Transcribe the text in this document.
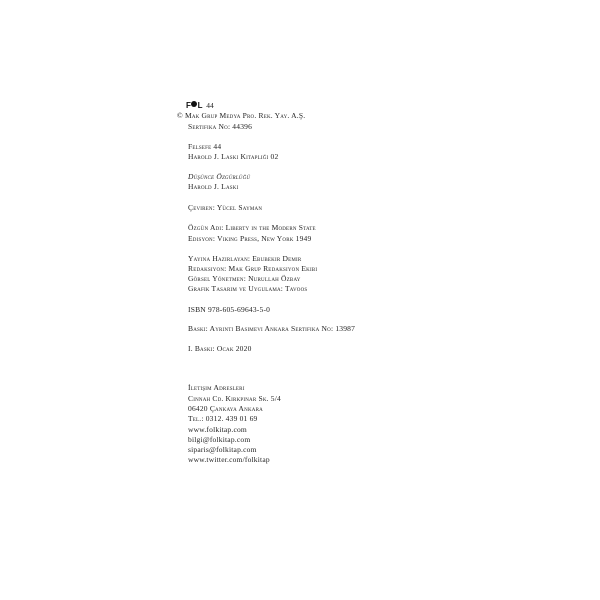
F L 44
© Mak Grup Medya Pro. Rek. Yay. A.Ş.
Sertifika No: 44396
Felsefe 44
Harold J. Laski Kitaplığı 02
Düşünce Özgürlüğü
Harold J. Laski
Çeviren: Yücel Sayman
Özgün Adı: Liberty in the Modern State
Edisyon: Viking Press, New York 1949
Yayına Hazırlayan: Ebubekir Demir
Redaksiyon: Mak Grup Redaksiyon Ekibi
Görsel Yönetmen: Nurullah Özbay
Grafik Tasarım ve Uygulama: Tavoos
ISBN 978-605-69643-5-0
Baskı: Ayrıntı Basımevi Ankara Sertifika No: 13987
I. Baskı: Ocak 2020
İletişim Adresleri
Cinnah Cd. Kırkpınar Sk. 5/4
06420 Çankaya Ankara
Tel.: 0312. 439 01 69
www.folkitap.com
bilgi@folkitap.com
siparis@folkitap.com
www.twitter.com/folkitap
